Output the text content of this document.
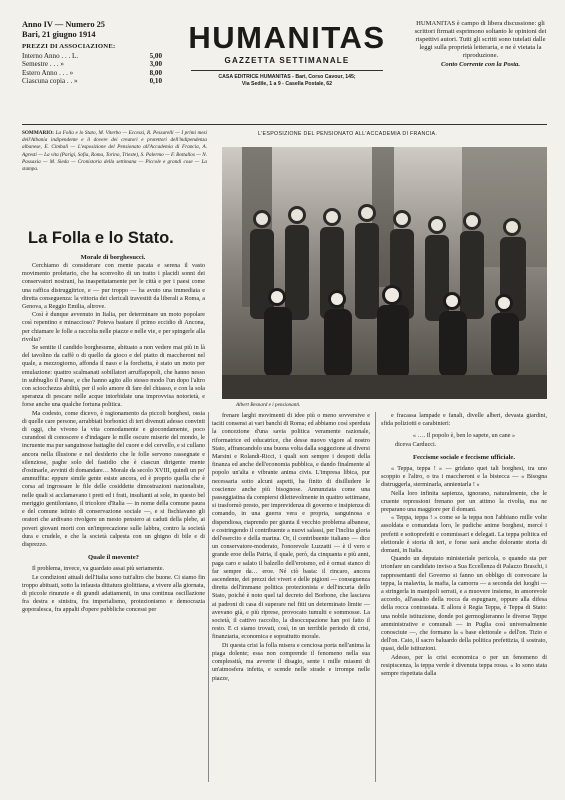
Anno IV — Numero 25
Bari, 21 giugno 1914
PREZZI DI ASSOCIAZIONE:
Interno Anno . . . L.	5,00
Semestre . . . »	3,00
Estero Anno . . . »	8,00
Ciascuna copia . . »	0,10
HUMANITAS
GAZZETTA SETTIMANALE
CASA EDITRICE HUMANITAS - Bari, Corso Cavour, 145;
Via Sedile, 1 a 9 - Casella Postale, 62
HUMANITAS è campo di libera discussione: gli scrittori firmati esprimono soltanto le opinioni dei rispettivi autori. Tutti gli scritti sono tutelati dalle leggi sulla proprietà letteraria, e ne è vietata la riproduzione.
Conto Corrente con la Posta.
SOMMARIO: La Folla e lo Stato, M. Viterbo — Eccessi, R. Pessarelli — I primi mesi dell'Albania indipendente e il dovere dei creatori e protettori dell'indipendenza albanese, E. Cimbali — L'esposizione del Pensionato all'Accademia di Francia, A. Agresti — La vita (Parigi, Sofia, Roma, Torino, Trieste), S. Palermo — F. Bottallos — N. Passaxia — M. Sieda — Cronistoria della settimana — Piccole e grandi cose — La stampa.
L'ESPOSIZIONE DEL PENSIONATO ALL'ACCADEMIA DI FRANCIA.
Albert Besnard e i pensionanti.
La Folla e lo Stato.
Morale di borghesucci.

Cerchiamo di considerare con mente pacata e serena il vasto movimento proletario, che ha sconvolto di un tratto i placidi sonni dei conservatori nostrani, ha inaspettatamente per le città e per i paesi come una raffica distruggitrice, e — pur troppo — ha avuto una immediata e diretta conseguenza: la vittoria dei clericali travestiti da liberali a Roma, a Genova, a Reggio Emilia, altrove.

Così è dunque avvenuto in Italia, per determinare un moto popolare così repentino e minaccioso? Poteva bastare il primo eccidio di Ancona, per chiamare le folle a raccolta nelle piazze e nelle vie, e per spingerle alla rivolta?

Se sentite il candido borghesume, abituato a non vedere mai più in là del tavolino da caffè o di quello da gioco e del piatto di maccheroni nel quale, a mezzogiorno, affonda il naso e la forchetta, è stato un moto per emulazione: quattro scalmanati sobillatori arruffapopoli, che hanno nesso in subbuglio il Paese, e che hanno agito allo stesso modo l'un dopo l'altro con sciocchezza abilità, per il solo amore di fare del chiasso, e con la sola speranza di pescare nelle acque intorbidate una improvvisa notorietà, e forse anche una qualche fortuna politica.

Ma codesto, come dicevo, è ragionamento da piccoli borghesi, ossia di quelle care persone, arrabbiati borbonici di ieri divenuti adesso convinti di oggi, che vivono la vita comodamente e giocondamente, poco curandosi di conoscere e d'indagare le mille oscure miserie del mondo, le incruente ma pur sanguinose battaglie del cuore e del cervello, e si cullano ancora nella illusione e nel desiderio che le folle servono rassegnate e silenziose, paghe solo del fastidio che è ciascun dirigente mente d'ostinarle, avvinti di domandare… Morale da secolo XVIII, quindi un po' ammuffita: eppure simile gente esiste ancora, ed è proprio quella che è corsa ad ingrossare le file delle cosiddette dimostrazioni nazionaliste, nelle quali si acclamavano i preti ed i frati, insultanti ai sole, in questo bel meriggio gentiloniano, il tricolore d'Italia — in nome della comune paura e del comune istinto di conservazione sociale —, e si fischiavano gli oratori che ardivano rivolgere un mesto pensiero ai caduti della plebe, ai poveri giovani morti con un'imprecazione sulle labbra, contro la società dura e crudele, e che la società calpesta con un ghigno di bile e di disprezzo.

Quale il movente?

Il problema, invece, va guardato assai più seriamente.

Le condizioni attuali dell'Italia sono tutt'altro che buone. Ci siamo fin troppo abituati, sotto la infausta dittatura giolittiana, a vivere alla giornata, di piccole rinunzie e di grandi adattamenti, in una continua oscillazione fra destra e sinistra, fra imperialismo, protezionismo e democrazia goporalesca, fra appalti d'opere pubbliche concessi per

frenare larghi movimenti di idee più o meno sovversive e taciti consensi ai vari banchi di Roma; ed abbiamo così sperduta la concezione d'una savia politica veramente razionale, riformatrice ed educatrice, che desse nuovo vigore al nostro Stato, affrancandolo una buona volta dalla soggezione ai diversi Marsini e Rolandi-Ricci, i quali son sempre i despoti della finanza ed anche dell'economia pubblica, e dando finalmente al popolo un'alta e vibrante anima civis. L'impresa libica, pur necessaria sotto alcuni aspetti, ha finito di disilludere le coscienze anche più bisognose. Annunziata come una passeggiatina da compiersi dilettevolmente in quattro settimane, si trasformò presto, per imprevidenza di governo e insipienza di comando, in una guerra vera e propria, sanguinosa e dispendiosa, riaprendo per giunta il vecchio problema albanese, e costringendo il contribuente a nuovi salassi, per l'inclita gloria dell'esercito e della marina. Or, il contribuente italiano — dice un conservatore-moderato, l'onorevole Luzzatti — è il vero e grande eroe della Patria, il quale, però, da cinquanta e più anni, paga caro e salato il balzello dell'eroismo, ed è ormai stanco di far sempre da… eroe. Né ciò basta: il rincaro, ancora ascendente, dei prezzi dei viveri e delle pigioni — conseguenza diretta dell'immane politica protezionista e dell'incuria dello Stato, poiché è noto quel tal decreto del Borbone, che lasciava ai padroni di casa di superare nel fitti un determinato limite — avevano già, e più riprese, provocato tumulti e sommosse. La società, il cattivo raccolto, la disoccupazione han poi fatto il resto. E ci siamo trovati, così, in un terribile periodo di crisi, finanziaria, economica e soprattutto morale.

Di questa crisi la folla misera e cenciosa porta nell'anima la piaga dolente; essa non comprende il fenomeno nella sua complessità, ma avverte il disagio, sente i mille miasmi di un'atmosfera infetta, e scende nelle strade e irrompe nelle piazze,

e fracassa lampade e fanali, divelle alberi, devasta giardini, sfida poliziotti e carabinieri:

« …. Il popolo è, ben lo sapete, un cane »

diceva Carducci.

Feccisme sociale e feccisme ufficiale.

« Teppa, teppa ! » — gridano quei tali borghesi, tra uno scoppio e l'altro, o tra i maccheroni e la bistecca — « Bisogna distruggerla, sterminarla, annientarla ! »

Nella loro infinita sapienza, ignorano, naturalmente, che le cruente repressioni frenano per un attimo la rivolta, ma ne preparano una maggiore per il domani.

« Teppa, teppa ! » come se la teppa non l'abbiano mille volte assoldata e comandata loro, le pudiche anime borghesi, mercé i prefetti e sottoprefetti e commissari e delegati. La teppa politica ed elettorale è storia di ieri, e forse sarà anche dolorante storia di domani, in Italia.

Quando un deputato ministeriale pericola, o quando sta per trionfare un candidato inviso a Sua Eccellenza di Palazzo Braschi, i rappresentanti del Governo si fanno un obbligo di convocare la teppa, la malavita, la mafia, la camorra — a seconda dei luoghi — a stringerla in manipoli serrati, e a muovere insieme, in amorevole accordo, all'assalto della rocca da espugnare, oppure alla difesa della rocca contrastata. E allora è Regia Teppa, è Teppa di Stato: una nobile istituzione, donde poi germoglieranno le diverse Teppe amministrative e comunali — in Puglia così universalmente conosciute —, che formano la « base elettorale » dell'on. Tizio e dell'on. Caio, il sacro baluardo della politica prefettizia, il sostrato, quasi, delle istituzioni.

Adesso, per la crisi economica o per un fenomeno di resipiscenza, la teppa verde è divenuta teppa rossa. « Io sono stata sempre rispettata dalla
